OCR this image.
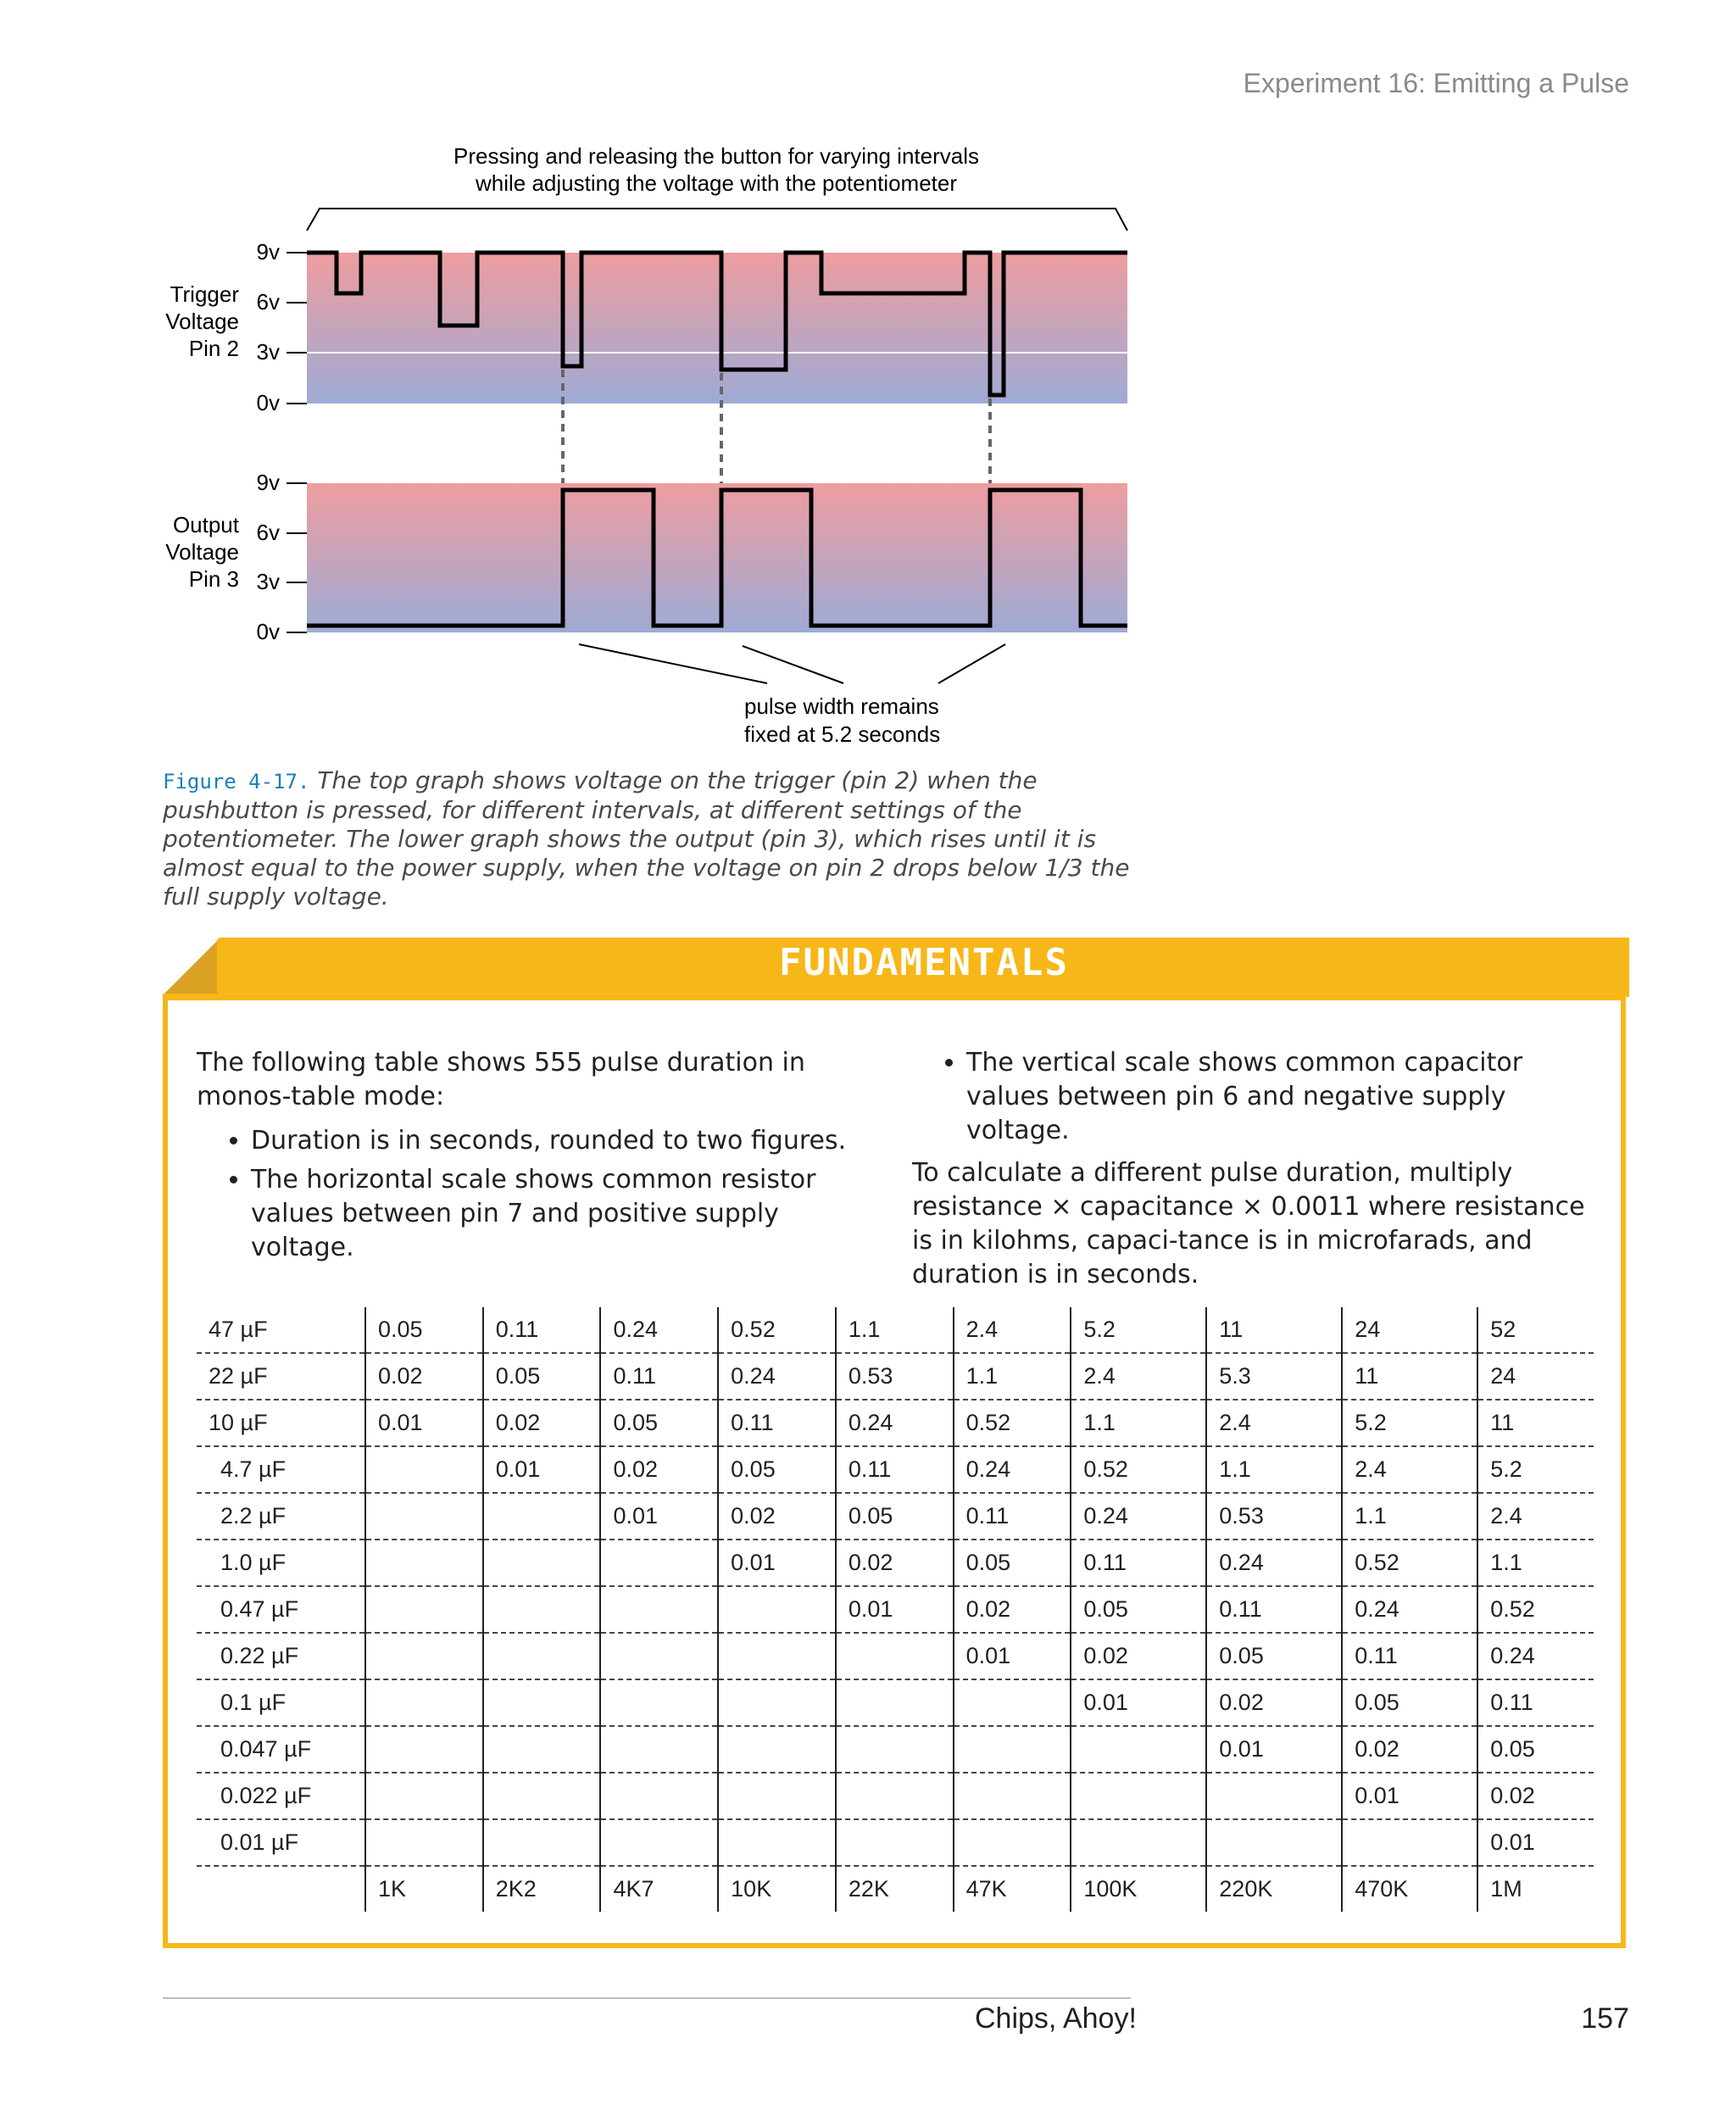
Experiment 16: Emitting a Pulse
Pressing and releasing the button for varying intervals
while adjusting the voltage with the potentiometer
9v
6v
3v
0v
Trigger
Voltage
Pin 2
9v
6v
3v
0v
Output
Voltage
Pin 3
pulse width remains
fixed at 5.2 seconds
Figure 4-17. The top graph shows voltage on the trigger (pin 2) when the pushbutton is pressed, for different intervals, at different settings of the potentiometer. The lower graph shows the output (pin 3), which rises until it is almost equal to the power supply, when the voltage on pin 2 drops below 1/3 the full supply voltage.
FUNDAMENTALS

The following table shows 555 pulse duration in monos-table mode:

• Duration is in seconds, rounded to two figures.
• The horizontal scale shows common resistor values between pin 7 and positive supply voltage.
• The vertical scale shows common capacitor values between pin 6 and negative supply voltage.

To calculate a different pulse duration, multiply resistance × capacitance × 0.0011 where resistance is in kilohms, capaci-tance is in microfarads, and duration is in seconds.

47 µF	0.05	0.11	0.24	0.52	1.1	2.4	5.2	11	24	52
22 µF	0.02	0.05	0.11	0.24	0.53	1.1	2.4	5.3	11	24
10 µF	0.01	0.02	0.05	0.11	0.24	0.52	1.1	2.4	5.2	11
4.7 µF		0.01	0.02	0.05	0.11	0.24	0.52	1.1	2.4	5.2
2.2 µF			0.01	0.02	0.05	0.11	0.24	0.53	1.1	2.4
1.0 µF				0.01	0.02	0.05	0.11	0.24	0.52	1.1
0.47 µF					0.01	0.02	0.05	0.11	0.24	0.52
0.22 µF						0.01	0.02	0.05	0.11	0.24
0.1 µF							0.01	0.02	0.05	0.11
0.047 µF								0.01	0.02	0.05
0.022 µF									0.01	0.02
0.01 µF										0.01
	1K	2K2	4K7	10K	22K	47K	100K	220K	470K	1M
Chips, Ahoy!	157
